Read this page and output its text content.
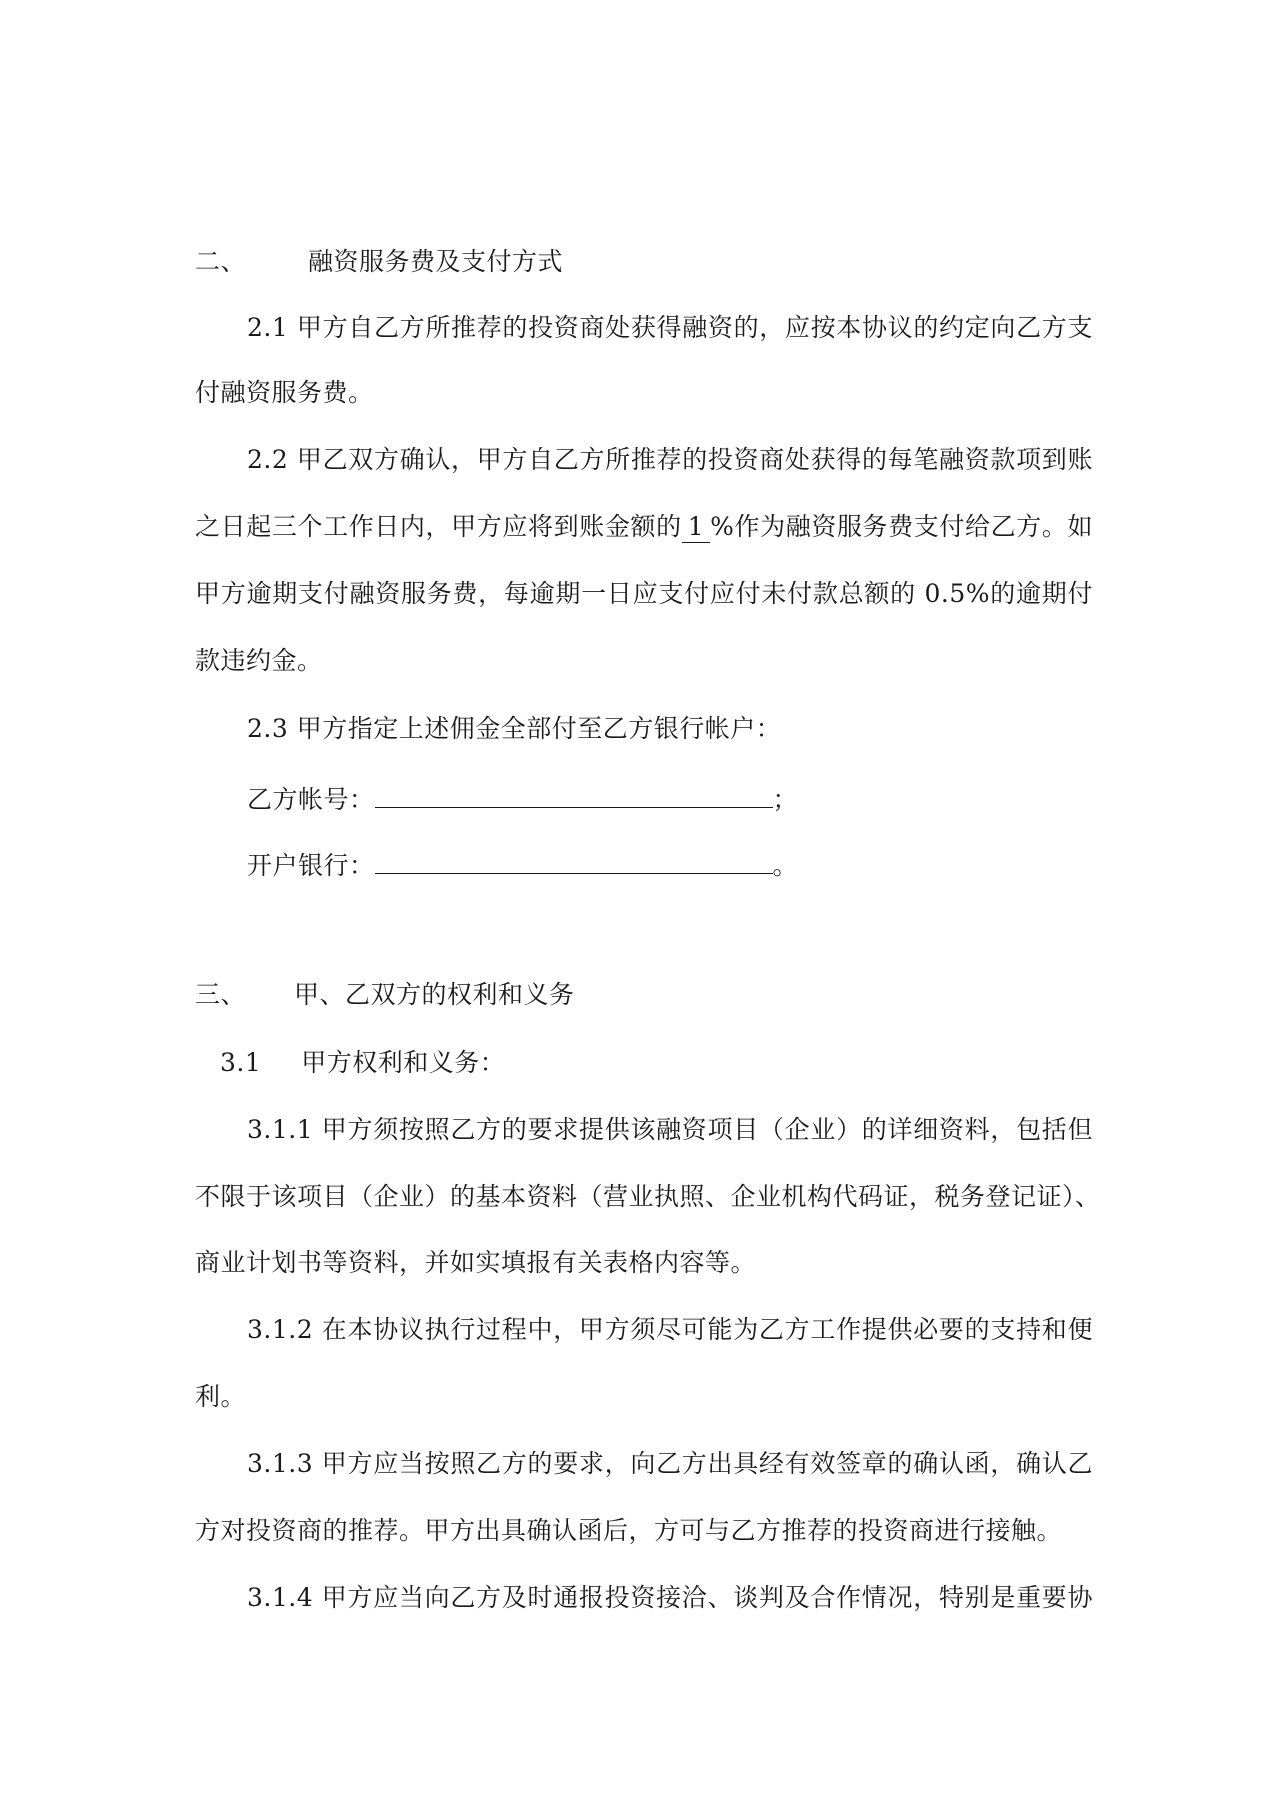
二、 融资服务费及支付方式
2.1 甲方自乙方所推荐的投资商处获得融资的，应按本协议的约定向乙方支
付融资服务费。
2.2 甲乙双方确认，甲方自乙方所推荐的投资商处获得的每笔融资款项到账
之日起三个工作日内，甲方应将到账金额的 1 %作为融资服务费支付给乙方。如
甲方逾期支付融资服务费，每逾期一日应支付应付未付款总额的 0.5%的逾期付
款违约金。
2.3 甲方指定上述佣金全部付至乙方银行帐户：
乙方帐号：	；
开户银行：	。
三、 甲、乙双方的权利和义务
3.1 甲方权利和义务：
3.1.1 甲方须按照乙方的要求提供该融资项目（企业）的详细资料，包括但
不限于该项目（企业）的基本资料（营业执照、企业机构代码证，税务登记证）、
商业计划书等资料，并如实填报有关表格内容等。
3.1.2 在本协议执行过程中，甲方须尽可能为乙方工作提供必要的支持和便
利。
3.1.3 甲方应当按照乙方的要求，向乙方出具经有效签章的确认函，确认乙
方对投资商的推荐。甲方出具确认函后，方可与乙方推荐的投资商进行接触。
3.1.4 甲方应当向乙方及时通报投资接洽、谈判及合作情况，特别是重要协
